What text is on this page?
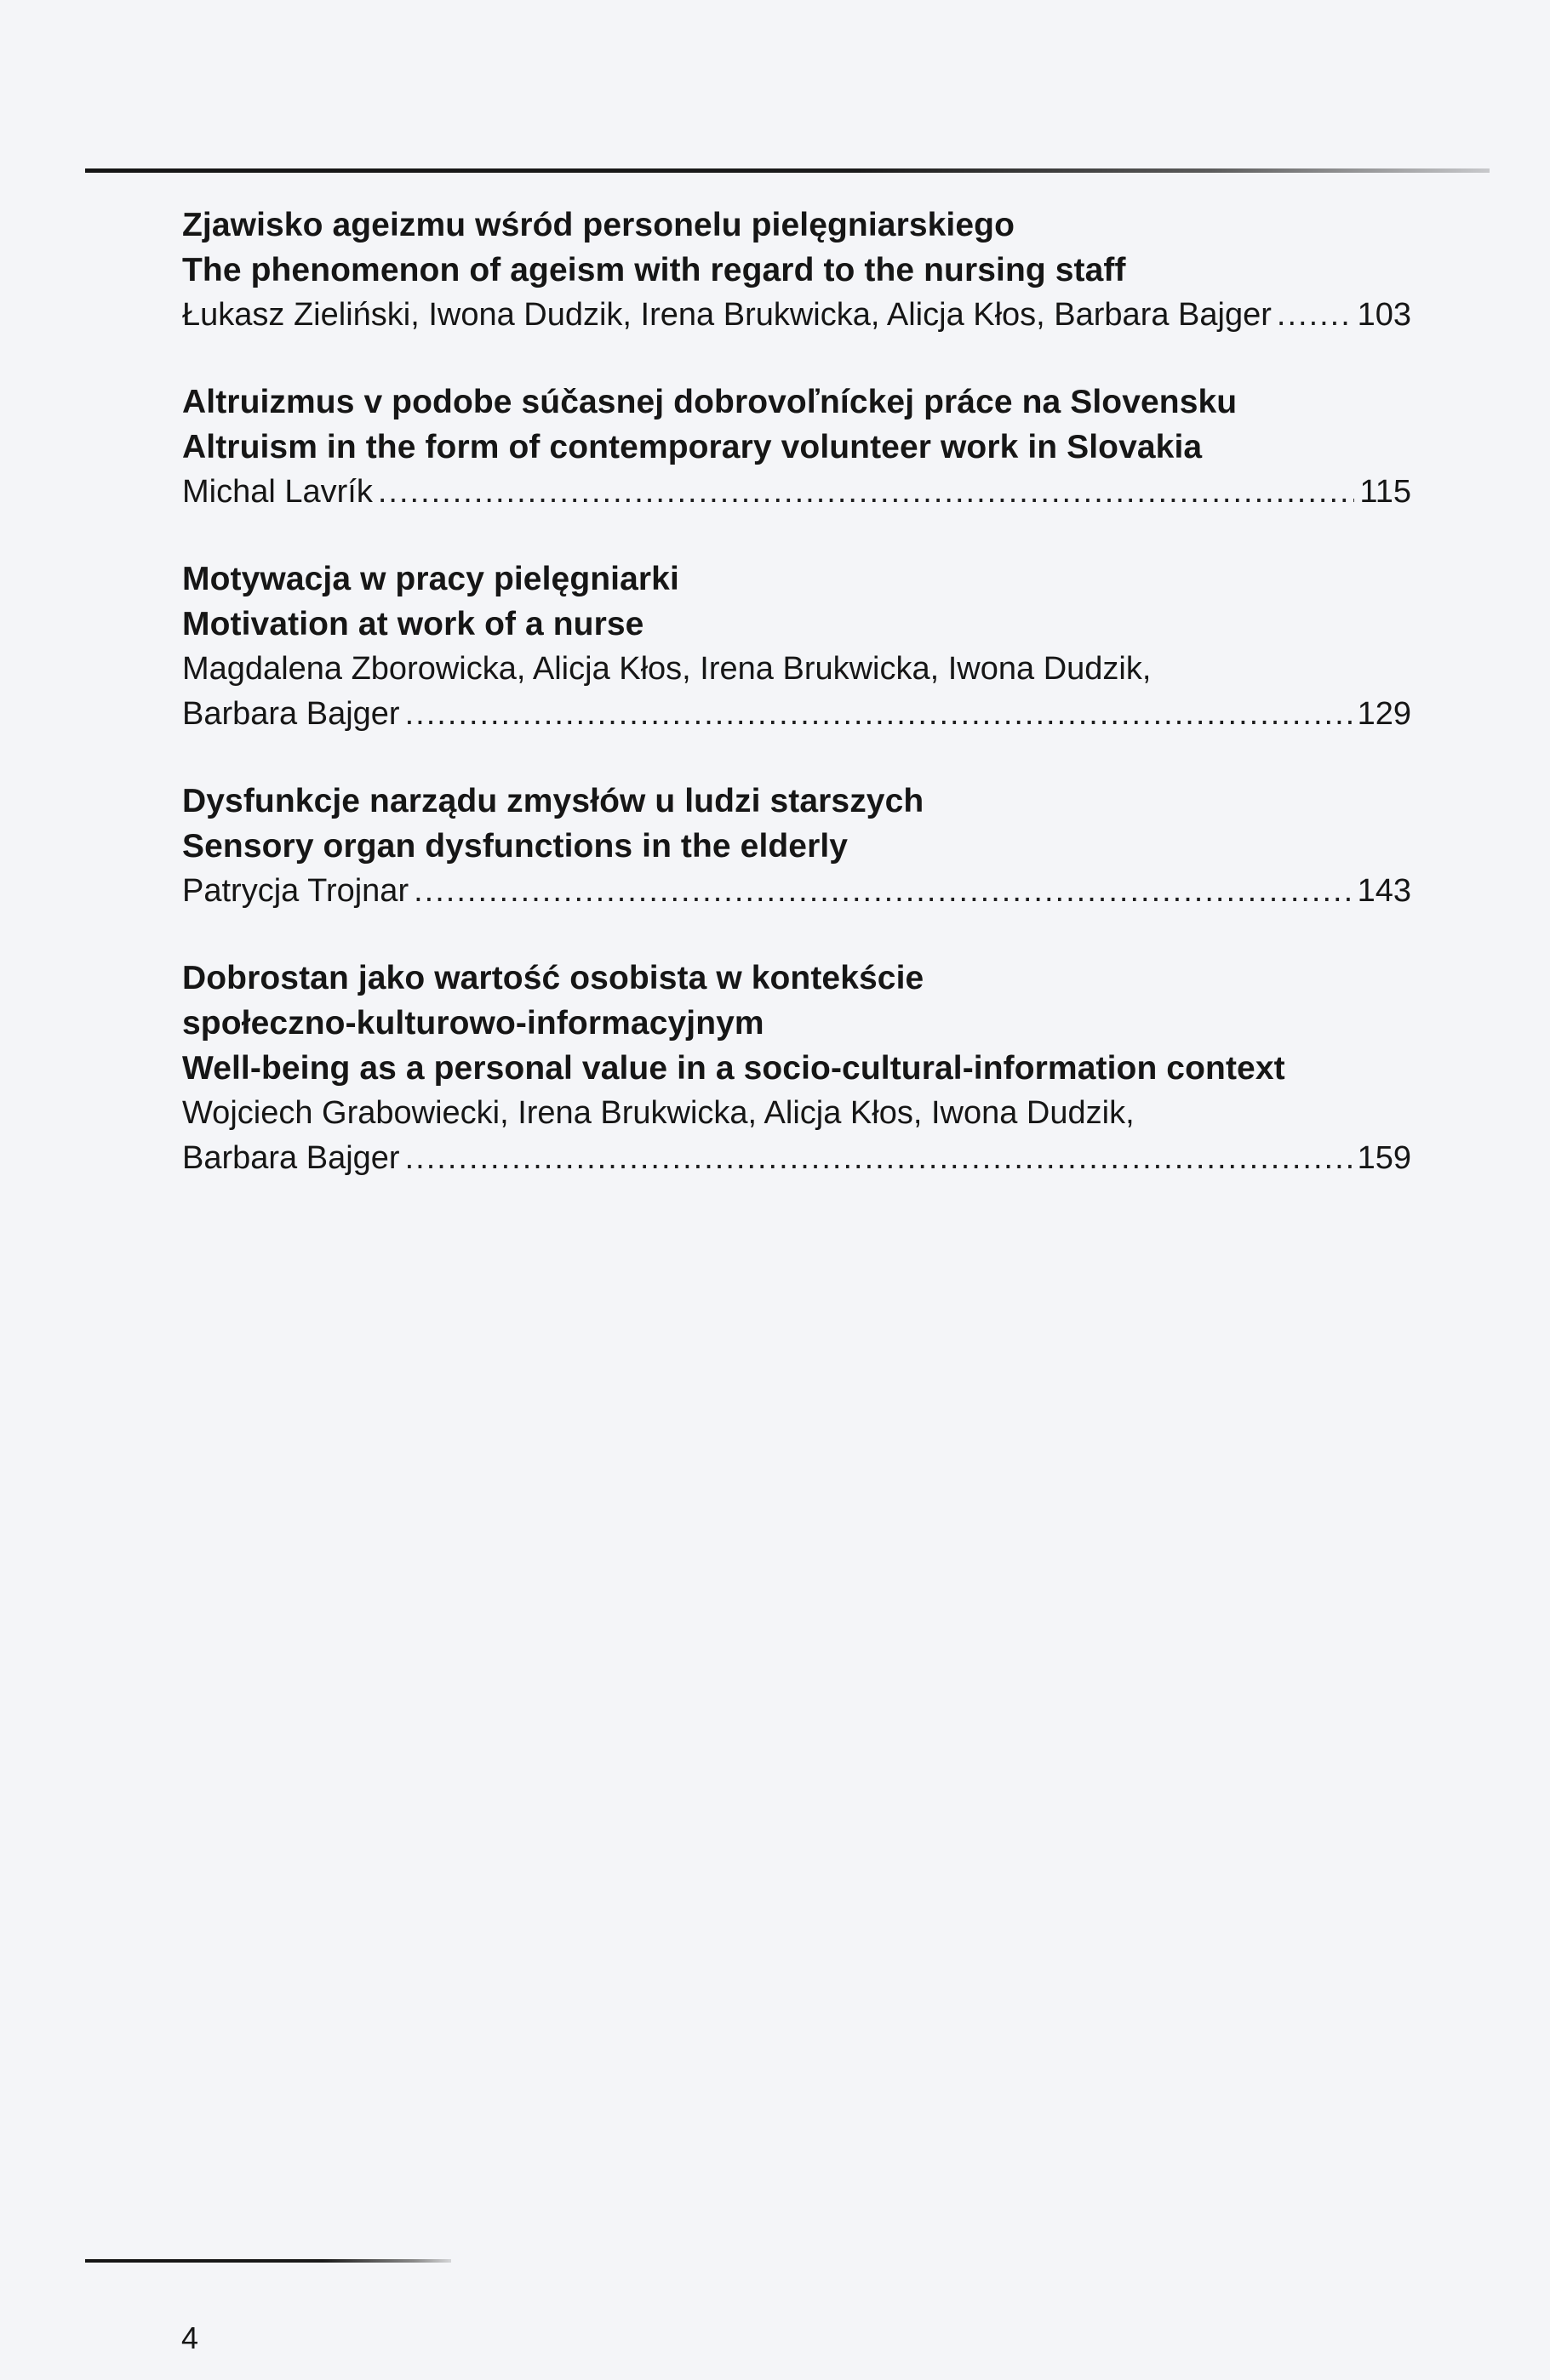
Zjawisko ageizmu wśród personelu pielęgniarskiego
The phenomenon of ageism with regard to the nursing staff
Łukasz Zieliński, Iwona Dudzik, Irena Brukwicka, Alicja Kłos, Barbara Bajger .....	103
Altruizmus v podobe súčasnej dobrovoľníckej práce na Slovensku
Altruism in the form of contemporary volunteer work in Slovakia
Michal Lavrík .....	115
Motywacja w pracy pielęgniarki
Motivation at work of a nurse
Magdalena Zborowicka, Alicja Kłos, Irena Brukwicka, Iwona Dudzik,
Barbara Bajger .....	129
Dysfunkcje narządu zmysłów u ludzi starszych
Sensory organ dysfunctions in the elderly
Patrycja Trojnar .....	143
Dobrostan jako wartość osobista w kontekście
społeczno-kulturowo-informacyjnym
Well-being as a personal value in a socio-cultural-information context
Wojciech Grabowiecki, Irena Brukwicka, Alicja Kłos, Iwona Dudzik,
Barbara Bajger .....	159
4
